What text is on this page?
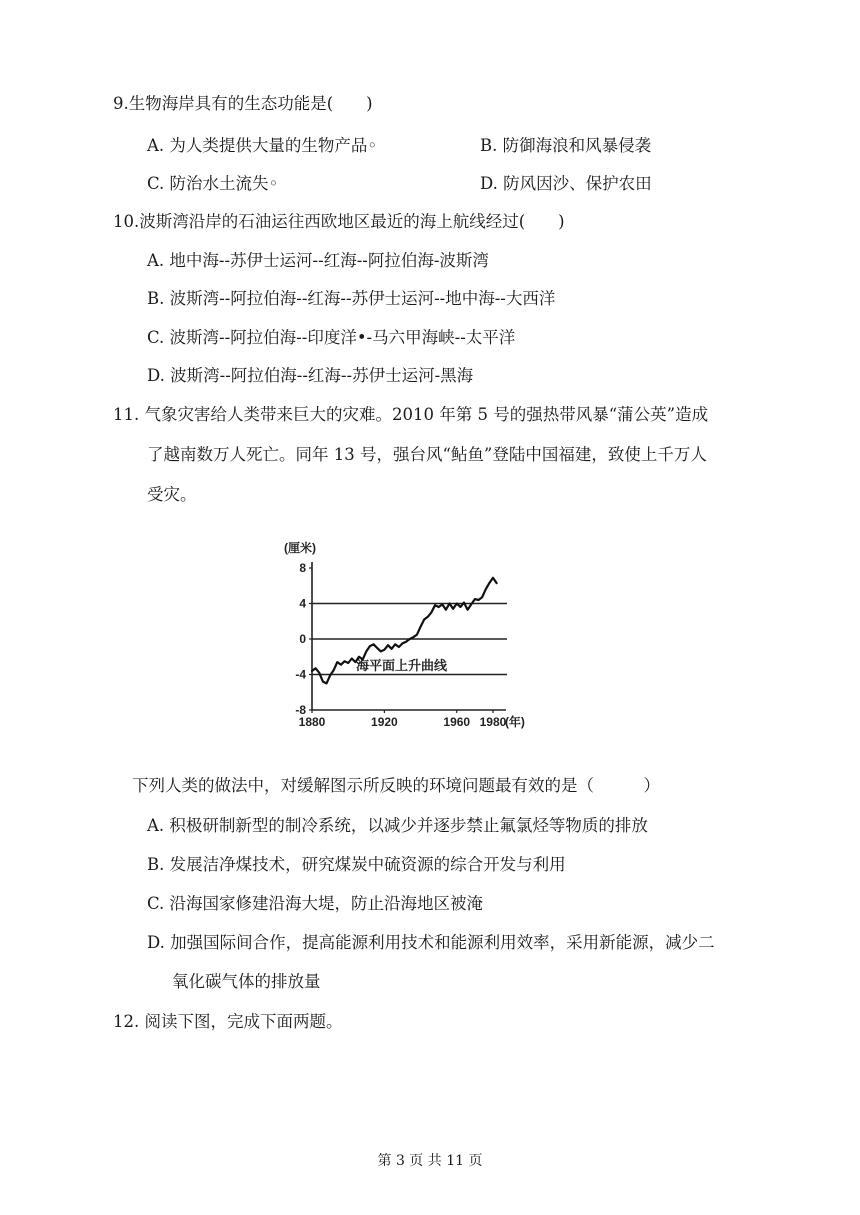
9.生物海岸具有的生态功能是(　　)
A. 为人类提供大量的生物产品◦	B. 防御海浪和风暴侵袭
C. 防治水土流失◦	D. 防风因沙、保护农田
10.波斯湾沿岸的石油运往西欧地区最近的海上航线经过(　　)
A. 地中海--苏伊士运河--红海--阿拉伯海-波斯湾
B. 波斯湾--阿拉伯海--红海--苏伊士运河--地中海--大西洋
C. 波斯湾--阿拉伯海--印度洋•-马六甲海峡--太平洋
D. 波斯湾--阿拉伯海--红海--苏伊士运河-黑海
11. 气象灾害给人类带来巨大的灾难。2010 年第 5 号的强热带风暴“蒲公英”造成
了越南数万人死亡。同年 13 号，强台风“鲇鱼”登陆中国福建，致使上千万人
受灾。
(厘米)
8
4
0
-4
-8
1880	1920	1960 1980
(年)
海平面上升曲线
下列人类的做法中，对缓解图示所反映的环境问题最有效的是（　　　）
A. 积极研制新型的制冷系统，以减少并逐步禁止氟氯烃等物质的排放
B. 发展洁净煤技术，研究煤炭中硫资源的综合开发与利用
C. 沿海国家修建沿海大堤，防止沿海地区被淹
D. 加强国际间合作，提高能源利用技术和能源利用效率，采用新能源，减少二
氧化碳气体的排放量
12. 阅读下图，完成下面两题。
第 3 页 共 11 页
